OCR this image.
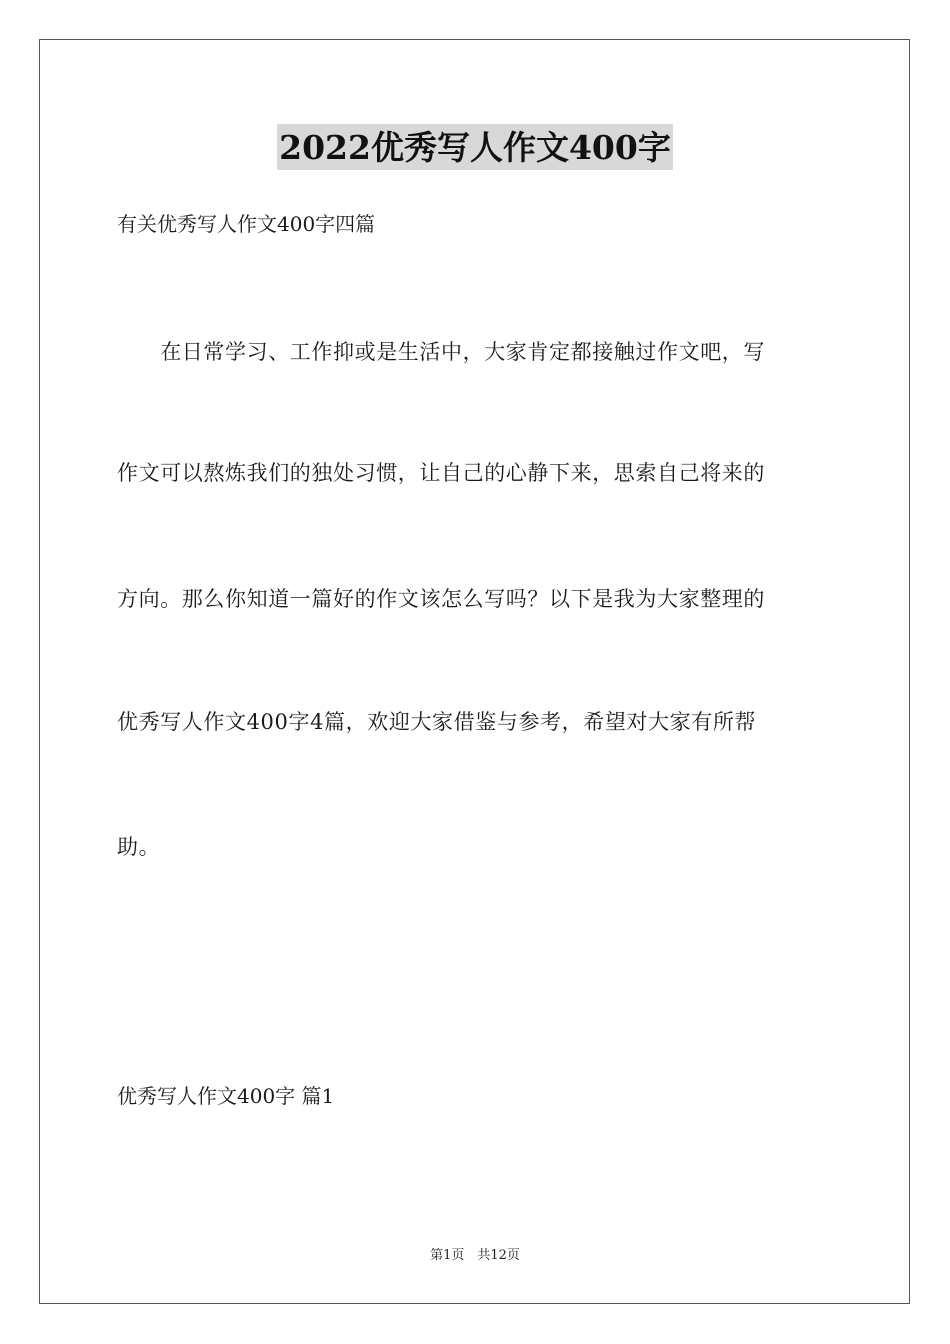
2022优秀写人作文400字
有关优秀写人作文400字四篇
　　在日常学习、工作抑或是生活中，大家肯定都接触过作文吧，写
作文可以熬炼我们的独处习惯，让自己的心静下来，思索自己将来的
方向。那么你知道一篇好的作文该怎么写吗？以下是我为大家整理的
优秀写人作文400字4篇，欢迎大家借鉴与参考，希望对大家有所帮
助。
优秀写人作文400字 篇1
第1页　共12页
